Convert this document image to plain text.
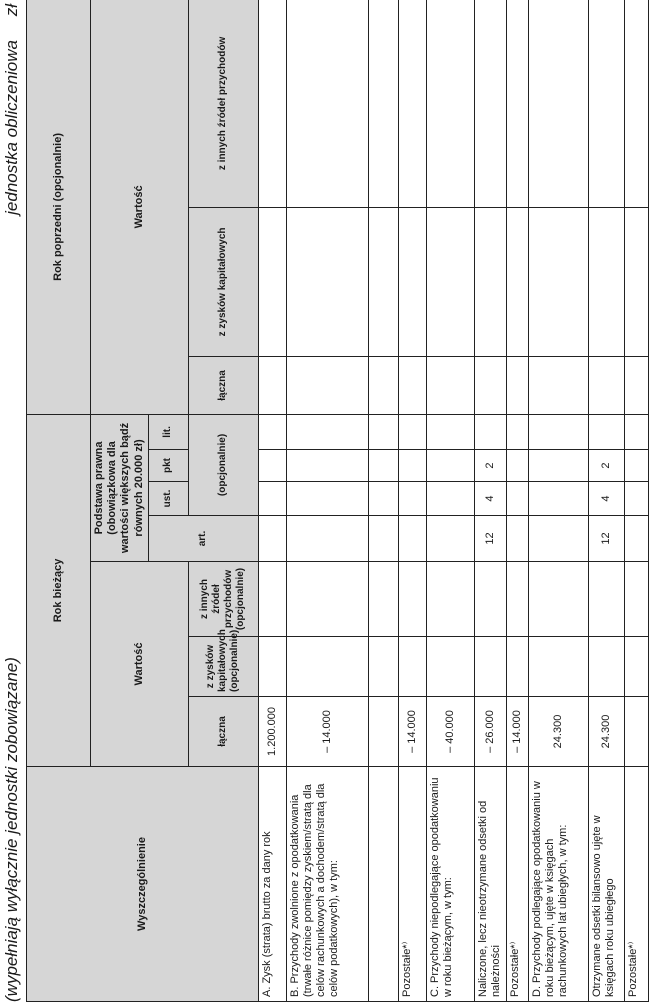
(wypełniają wyłącznie jednostki zobowiązane)
jednostka obliczeniowa
zł
Wyszczególnienie	Rok bieżący							Rok poprzedni (opcjonalnie)		
	Wartość			Podstawa prawna (obowiązkowa dla wartości większych bądź równych 20.000 zł)				Wartość		
				art.	ust.	pkt	lit.			
	łączna	z zysków kapitałowych (opcjonalnie)	z innych źródeł przychodów (opcjonalnie)		(opcjonalnie)			łączna	z zysków kapitałowych	z innych źródeł przychodów
A. Zysk (strata) brutto za dany rok	1.200.000									
B. Przychody zwolnione z opodatkowania (trwałe różnice pomiędzy zyskiem/stratą dla celów rachunkowych a dochodem/stratą dla celów podatkowych), w tym:	– 14.000									

Pozostałe*⁾	– 14.000									
C. Przychody niepodlegające opodatkowaniu w roku bieżącym, w tym:	– 40.000									
Naliczone, lecz nieotrzymane odsetki od należności	– 26.000			12	4	2				
Pozostałe*⁾	– 14.000									
D. Przychody podlegające opodatkowaniu w roku bieżącym, ujęte w księgach rachunkowych lat ubiegłych, w tym:	24.300									
Otrzymane odsetki bilansowo ujęte w księgach roku ubiegłego	24.300			12	4	2				
Pozostałe*⁾										
